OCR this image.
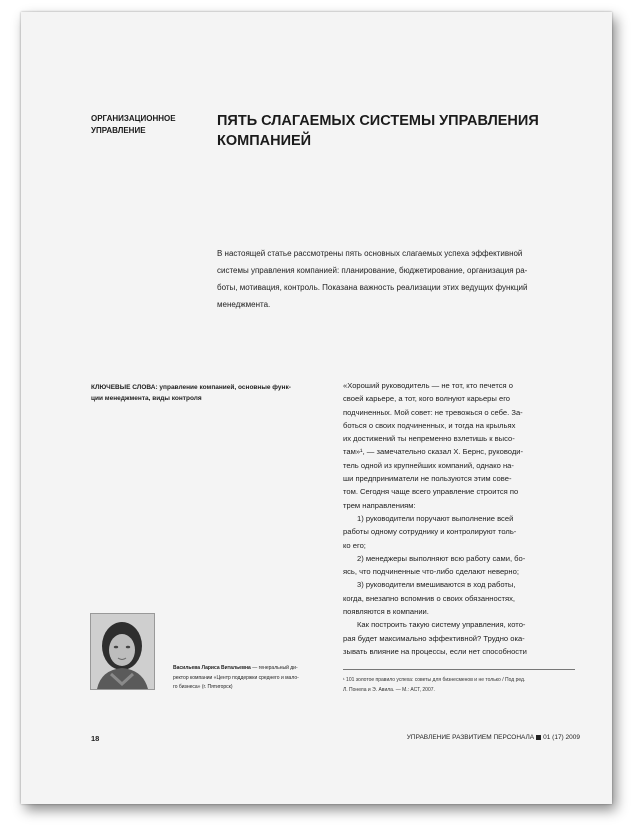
ОРГАНИЗАЦИОННОЕ
УПРАВЛЕНИЕ
ПЯТЬ СЛАГАЕМЫХ СИСТЕМЫ УПРАВЛЕНИЯ
КОМПАНИЕЙ
В настоящей статье рассмотрены пять основных слагаемых успеха эффективной
системы управления компанией: планирование, бюджетирование, организация ра-
боты, мотивация, контроль. Показана важность реализации этих ведущих функций
менеджмента.
КЛЮЧЕВЫЕ СЛОВА: управление компанией, основные функ-
ции менеджмента, виды контроля
«Хороший руководитель — не тот, кто печется о
своей карьере, а тот, кого волнуют карьеры его
подчиненных. Мой совет: не тревожься о себе. За-
боться о своих подчиненных, и тогда на крыльях
их достижений ты непременно взлетишь к высо-
там»¹, — замечательно сказал Х. Бернс, руководи-
тель одной из крупнейших компаний, однако на-
ши предприниматели не пользуются этим сове-
том. Сегодня чаще всего управление строится по
трем направлениям:
1) руководители поручают выполнение всей
работы одному сотруднику и контролируют толь-
ко его;
2) менеджеры выполняют всю работу сами, бо-
ясь, что подчиненные что-либо сделают неверно;
3) руководители вмешиваются в ход работы,
когда, внезапно вспомнив о своих обязанностях,
появляются в компании.
Как построить такую систему управления, кото-
рая будет максимально эффективной? Трудно ока-
зывать влияние на процессы, если нет способности
¹ 101 золотое правило успеха: советы для бизнесменов и не только / Под ред.
Л. Понела и Э. Авила. — М.: АСТ, 2007.
Васильева Лариса Витальевна — генеральный ди-
ректор компании «Центр поддержки среднего и мало-
го бизнеса» (г. Пятигорск)
18	УПРАВЛЕНИЕ РАЗВИТИЕМ ПЕРСОНАЛА 01 (17) 2009
